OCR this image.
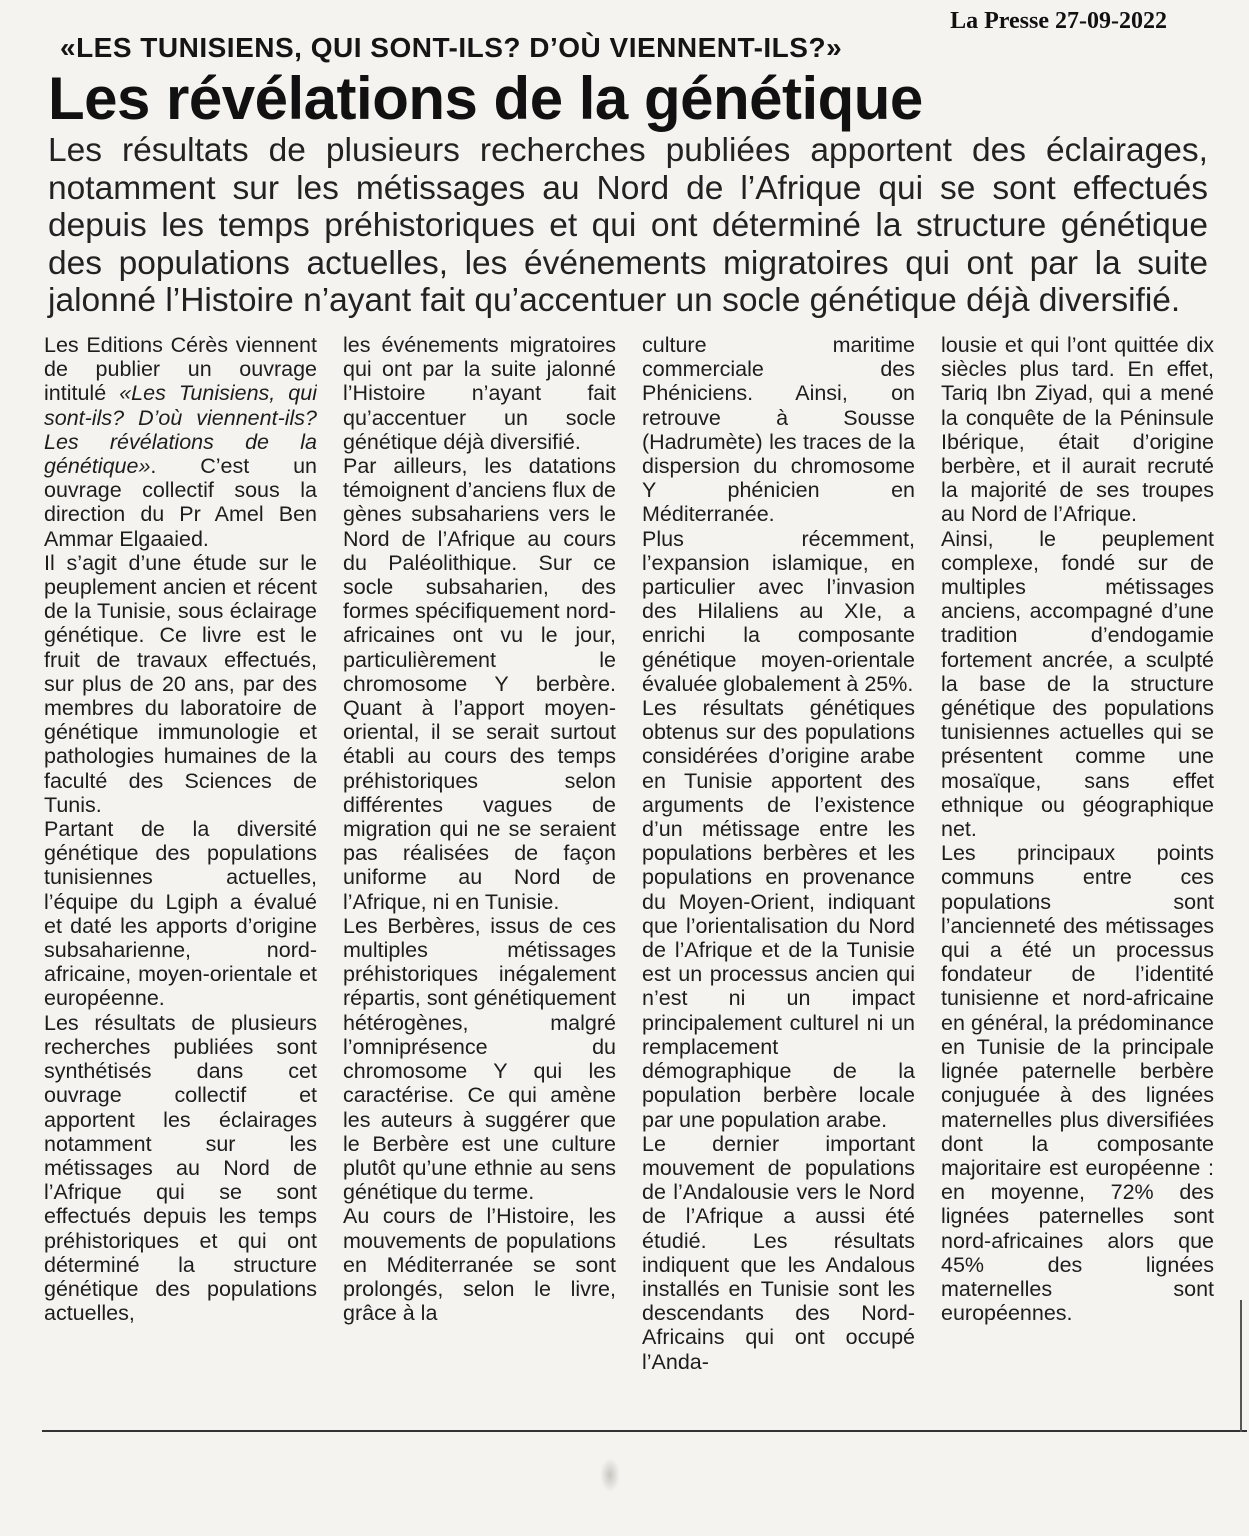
La Presse 27-09-2022
«LES TUNISIENS, QUI SONT-ILS? D’OÙ VIENNENT-ILS?»
Les révélations de la génétique
Les résultats de plusieurs recherches publiées apportent des éclairages, notamment sur les métissages au Nord de l’Afrique qui se sont effectués depuis les temps préhistoriques et qui ont déterminé la structure génétique des populations actuelles, les événements migratoires qui ont par la suite jalonné l’Histoire n’ayant fait qu’accentuer un socle génétique déjà diversifié.

Les Editions Cérès viennent de publier un ouvrage intitulé «Les Tunisiens, qui sont-ils? D’où viennent-ils? Les révélations de la génétique». C’est un ouvrage collectif sous la direction du Pr Amel Ben Ammar Elgaaied.

Il s’agit d’une étude sur le peuplement ancien et récent de la Tunisie, sous éclairage génétique. Ce livre est le fruit de travaux effectués, sur plus de 20 ans, par des membres du laboratoire de génétique immunologie et pathologies humaines de la faculté des Sciences de Tunis.

Partant de la diversité génétique des populations tunisiennes actuelles, l’équipe du Lgiph a évalué et daté les apports d’origine subsaharienne, nord-africaine, moyen-orientale et européenne.

Les résultats de plusieurs recherches publiées sont synthétisés dans cet ouvrage collectif et apportent les éclairages notamment sur les métissages au Nord de l’Afrique qui se sont effectués depuis les temps préhistoriques et qui ont déterminé la structure génétique des populations actuelles,

les événements migratoires qui ont par la suite jalonné l’Histoire n’ayant fait qu’accentuer un socle génétique déjà diversifié.

Par ailleurs, les datations témoignent d’anciens flux de gènes subsahariens vers le Nord de l’Afrique au cours du Paléolithique. Sur ce socle subsaharien, des formes spécifiquement nord-africaines ont vu le jour, particulièrement le chromosome Y berbère. Quant à l’apport moyen-oriental, il se serait surtout établi au cours des temps préhistoriques selon différentes vagues de migration qui ne se seraient pas réalisées de façon uniforme au Nord de l’Afrique, ni en Tunisie.

Les Berbères, issus de ces multiples métissages préhistoriques inégalement répartis, sont génétiquement hétérogènes, malgré l’omniprésence du chromosome Y qui les caractérise. Ce qui amène les auteurs à suggérer que le Berbère est une culture plutôt qu’une ethnie au sens génétique du terme.

Au cours de l’Histoire, les mouvements de populations en Méditerranée se sont prolongés, selon le livre, grâce à la

culture maritime commerciale des Phéniciens. Ainsi, on retrouve à Sousse (Hadrumète) les traces de la dispersion du chromosome Y phénicien en Méditerranée.

Plus récemment, l’expansion islamique, en particulier avec l’invasion des Hilaliens au XIe, a enrichi la composante génétique moyen-orientale évaluée globalement à 25%.

Les résultats génétiques obtenus sur des populations considérées d’origine arabe en Tunisie apportent des arguments de l’existence d’un métissage entre les populations berbères et les populations en provenance du Moyen-Orient, indiquant que l’orientalisation du Nord de l’Afrique et de la Tunisie est un processus ancien qui n’est ni un impact principalement culturel ni un remplacement démographique de la population berbère locale par une population arabe.

Le dernier important mouvement de populations de l’Andalousie vers le Nord de l’Afrique a aussi été étudié. Les résultats indiquent que les Andalous installés en Tunisie sont les descendants des Nord-Africains qui ont occupé l’Anda-

lousie et qui l’ont quittée dix siècles plus tard. En effet, Tariq Ibn Ziyad, qui a mené la conquête de la Péninsule Ibérique, était d’origine berbère, et il aurait recruté la majorité de ses troupes au Nord de l’Afrique.

Ainsi, le peuplement complexe, fondé sur de multiples métissages anciens, accompagné d’une tradition d’endogamie fortement ancrée, a sculpté la base de la structure génétique des populations tunisiennes actuelles qui se présentent comme une mosaïque, sans effet ethnique ou géographique net.

Les principaux points communs entre ces populations sont l’ancienneté des métissages qui a été un processus fondateur de l’identité tunisienne et nord-africaine en général, la prédominance en Tunisie de la principale lignée paternelle berbère conjuguée à des lignées maternelles plus diversifiées dont la composante majoritaire est européenne : en moyenne, 72% des lignées paternelles sont nord-africaines alors que 45% des lignées maternelles sont européennes.
